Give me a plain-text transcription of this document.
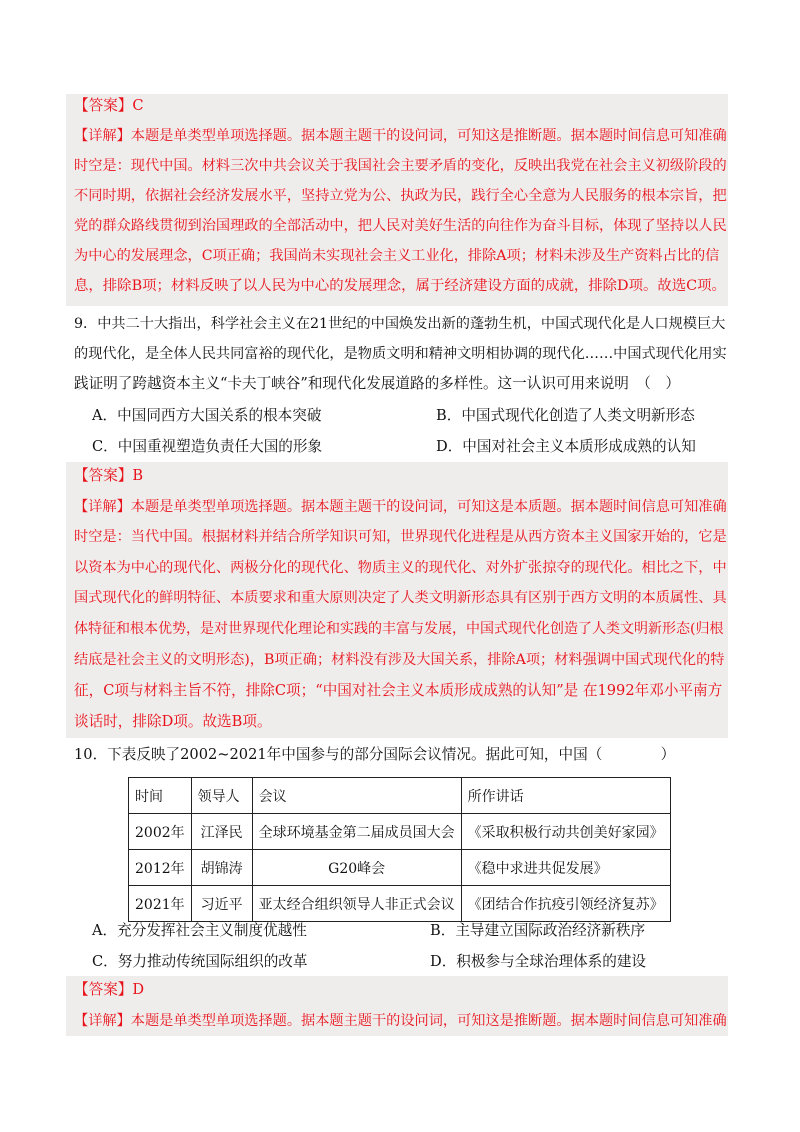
【答案】C
【详解】本题是单类型单项选择题。据本题主题干的设问词，可知这是推断题。据本题时间信息可知准确
时空是：现代中国。材料三次中共会议关于我国社会主要矛盾的变化，反映出我党在社会主义初级阶段的
不同时期，依据社会经济发展水平，坚持立党为公、执政为民，践行全心全意为人民服务的根本宗旨，把
党的群众路线贯彻到治国理政的全部活动中，把人民对美好生活的向往作为奋斗目标，体现了坚持以人民
为中心的发展理念，C项正确；我国尚未实现社会主义工业化，排除A项；材料未涉及生产资料占比的信
息，排除B项；材料反映了以人民为中心的发展理念，属于经济建设方面的成就，排除D项。故选C项。
9．中共二十大指出，科学社会主义在21世纪的中国焕发出新的蓬勃生机，中国式现代化是人口规模巨大
的现代化，是全体人民共同富裕的现代化，是物质文明和精神文明相协调的现代化……中国式现代化用实
践证明了跨越资本主义“卡夫丁峡谷”和现代化发展道路的多样性。这一认识可用来说明　（　）
A．中国同西方大国关系的根本突破	B．中国式现代化创造了人类文明新形态
C．中国重视塑造负责任大国的形象	D．中国对社会主义本质形成成熟的认知
【答案】B
【详解】本题是单类型单项选择题。据本题主题干的设问词，可知这是本质题。据本题时间信息可知准确
时空是：当代中国。根据材料并结合所学知识可知，世界现代化进程是从西方资本主义国家开始的，它是
以资本为中心的现代化、两极分化的现代化、物质主义的现代化、对外扩张掠夺的现代化。相比之下，中
国式现代化的鲜明特征、本质要求和重大原则决定了人类文明新形态具有区别于西方文明的本质属性、具
体特征和根本优势，是对世界现代化理论和实践的丰富与发展，中国式现代化创造了人类文明新形态(归根
结底是社会主义的文明形态)，B项正确；材料没有涉及大国关系，排除A项；材料强调中国式现代化的特
征，C项与材料主旨不符，排除C项；“中国对社会主义本质形成成熟的认知”是 在1992年邓小平南方
谈话时，排除D项。故选B项。
10．下表反映了2002~2021年中国参与的部分国际会议情况。据此可知，中国（　　　　）
时间	领导人	会议	所作讲话
2002年	江泽民	全球环境基金第二届成员国大会	《采取积极行动共创美好家园》
2012年	胡锦涛	G20峰会	《稳中求进共促发展》
2021年	习近平	亚太经合组织领导人非正式会议	《团结合作抗疫引领经济复苏》
A．充分发挥社会主义制度优越性	B．主导建立国际政治经济新秩序
C．努力推动传统国际组织的改革	D．积极参与全球治理体系的建设
【答案】D
【详解】本题是单类型单项选择题。据本题主题干的设问词，可知这是推断题。据本题时间信息可知准确
